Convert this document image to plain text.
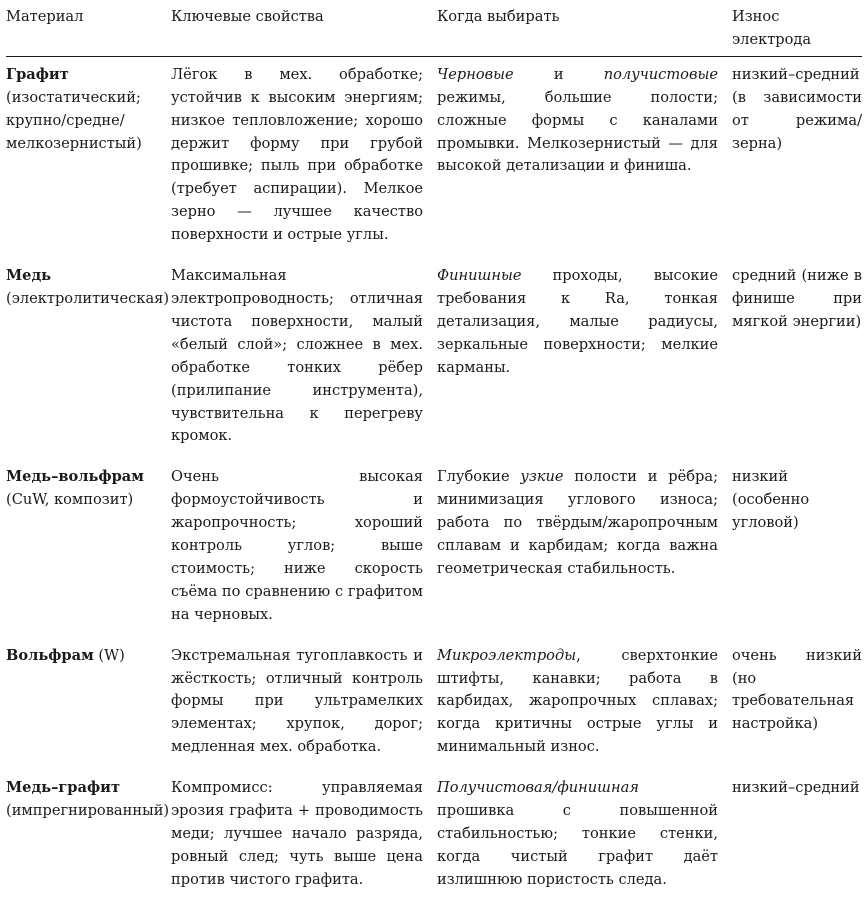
Материал	Ключевые свойства	Когда выбирать	Износ электрода
Графит (изостатический; крупно/средне/мелкозернистый)	Лёгок в мех. обработке; устойчив к высоким энергиям; низкое тепловложение; хорошо держит форму при грубой прошивке; пыль при обработке (требует аспирации). Мелкое зерно — лучшее качество поверхности и острые углы.	Черновые и получистовые режимы, большие полости; сложные формы с каналами промывки. Мелкозернистый — для высокой детализации и финиша.	низкий–средний (в зависимости от режима/зерна)
Медь (электролитическая)	Максимальная электропроводность; отличная чистота поверхности, малый «белый слой»; сложнее в мех. обработке тонких рёбер (прилипание инструмента), чувствительна к перегреву кромок.	Финишные проходы, высокие требования к Ra, тонкая детализация, малые радиусы, зеркальные поверхности; мелкие карманы.	средний (ниже в финише при мягкой энергии)
Медь–вольфрам (CuW, композит)	Очень высокая формоустойчивость и жаропрочность; хороший контроль углов; выше стоимость; ниже скорость съёма по сравнению с графитом на черновых.	Глубокие узкие полости и рёбра; минимизация углового износа; работа по твёрдым/жаропрочным сплавам и карбидам; когда важна геометрическая стабильность.	низкий (особенно угловой)
Вольфрам (W)	Экстремальная тугоплавкость и жёсткость; отличный контроль формы при ультрамелких элементах; хрупок, дорог; медленная мех. обработка.	Микроэлектроды, сверхтонкие штифты, канавки; работа в карбидах, жаропрочных сплавах; когда критичны острые углы и минимальный износ.	очень низкий (но требовательная настройка)
Медь–графит (импрегнированный)	Компромисс: управляемая эрозия графита + проводимость меди; лучшее начало разряда, ровный след; чуть выше цена против чистого графита.	Получистовая/финишная прошивка с повышенной стабильностью; тонкие стенки, когда чистый графит даёт излишнюю пористость следа.	низкий–средний
